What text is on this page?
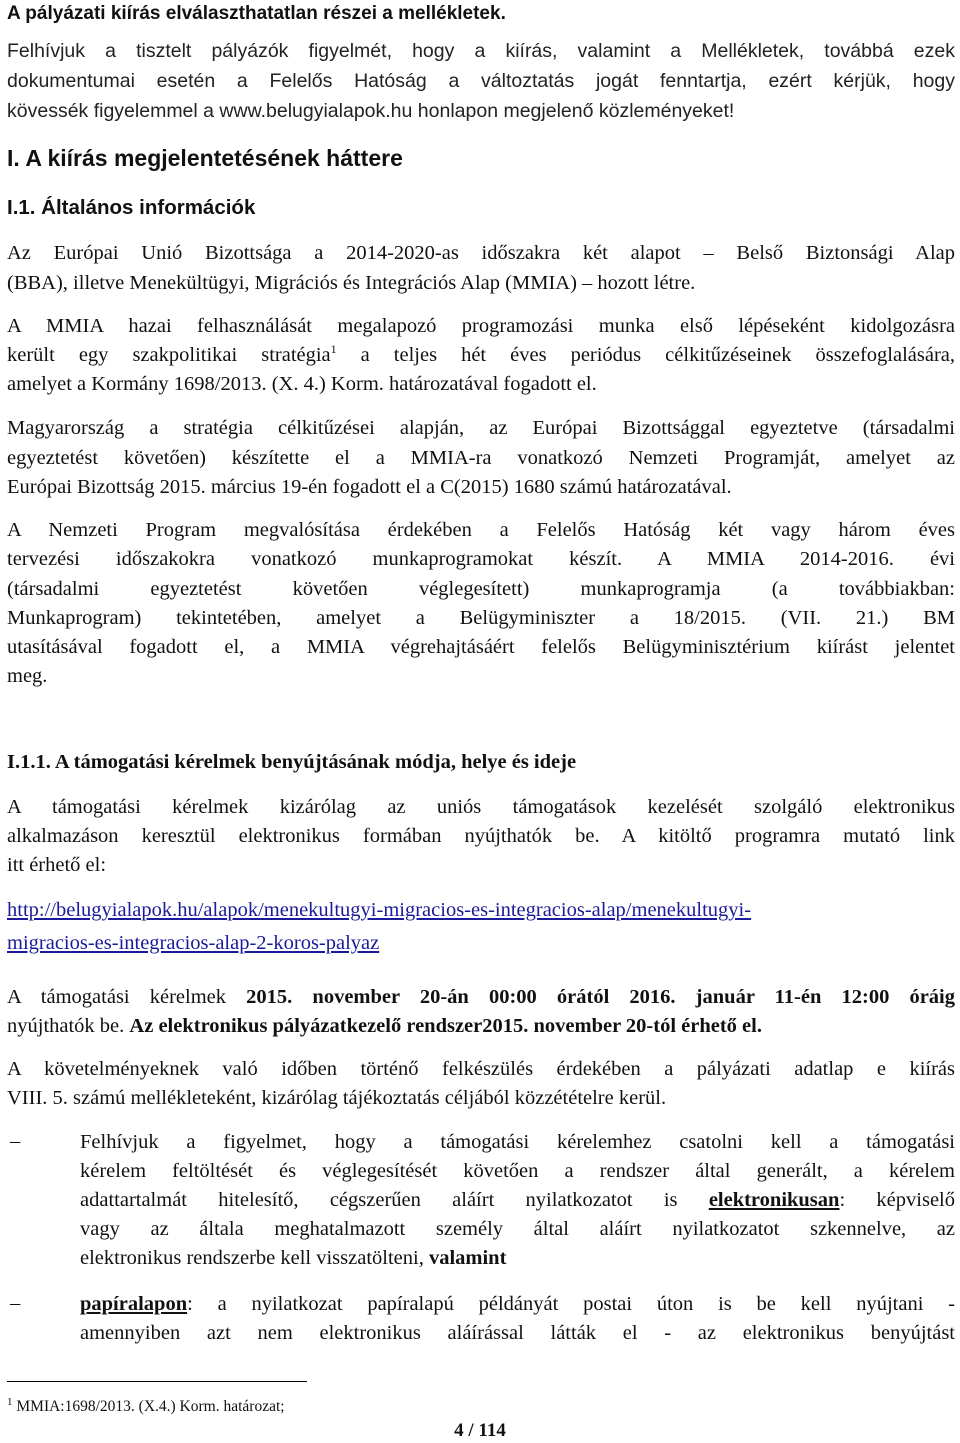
A pályázati kiírás elválaszthatatlan részei a mellékletek.
Felhívjuk a tisztelt pályázók figyelmét, hogy a kiírás, valamint a Mellékletek, továbbá ezek
dokumentumai esetén a Felelős Hatóság a változtatás jogát fenntartja, ezért kérjük, hogy
kövessék figyelemmel a www.belugyialapok.hu honlapon megjelenő közleményeket!
I. A kiírás megjelentetésének háttere
I.1. Általános információk
Az Európai Unió Bizottsága a 2014-2020-as időszakra két alapot – Belső Biztonsági Alap
(BBA), illetve Menekültügyi, Migrációs és Integrációs Alap (MMIA) – hozott létre.
A MMIA hazai felhasználását megalapozó programozási munka első lépéseként kidolgozásra
került egy szakpolitikai stratégia$^1$ a teljes hét éves periódus célkitűzéseinek összefoglalására,
amelyet a Kormány 1698/2013. (X. 4.) Korm. határozatával fogadott el.
Magyarország a stratégia célkitűzései alapján, az Európai Bizottsággal egyeztetve (társadalmi
egyeztetést követően) készítette el a MMIA-ra vonatkozó Nemzeti Programját, amelyet az
Európai Bizottság 2015. március 19-én fogadott el a C(2015) 1680 számú határozatával.
A Nemzeti Program megvalósítása érdekében a Felelős Hatóság két vagy három éves
tervezési időszakokra vonatkozó munkaprogramokat készít. A MMIA 2014-2016. évi
(társadalmi egyeztetést követően véglegesített) munkaprogramja (a továbbiakban:
Munkaprogram) tekintetében, amelyet a Belügyminiszter a 18/2015. (VII. 21.) BM
utasításával fogadott el, a MMIA végrehajtásáért felelős Belügyminisztérium kiírást jelentet
meg.
I.1.1. A támogatási kérelmek benyújtásának módja, helye és ideje
A támogatási kérelmek kizárólag az uniós támogatások kezelését szolgáló elektronikus
alkalmazáson keresztül elektronikus formában nyújthatók be. A kitöltő programra mutató link
itt érhető el:
http://belugyialapok.hu/alapok/menekultugyi-migracios-es-integracios-alap/menekultugyi-
migracios-es-integracios-alap-2-koros-palyaz
A támogatási kérelmek 2015. november 20-án 00:00 órától 2016. január 11-én 12:00 óráig
nyújthatók be. Az elektronikus pályázatkezelő rendszer2015. november 20-tól érhető el.
A követelményeknek való időben történő felkészülés érdekében a pályázati adatlap e kiírás
VIII. 5. számú mellékleteként, kizárólag tájékoztatás céljából közzétételre kerül.
–	Felhívjuk a figyelmet, hogy a támogatási kérelemhez csatolni kell a támogatási
kérelem feltöltését és véglegesítését követően a rendszer által generált, a kérelem
adattartalmát hitelesítő, cégszerűen aláírt nyilatkozatot is elektronikusan: képviselő
vagy az általa meghatalmazott személy által aláírt nyilatkozatot szkennelve, az
elektronikus rendszerbe kell visszatölteni, valamint
–	papíralapon: a nyilatkozat papíralapú példányát postai úton is be kell nyújtani -
amennyiben azt nem elektronikus aláírással látták el - az elektronikus benyújtást
$^1$ MMIA:1698/2013. (X.4.) Korm. határozat;
4 / 114
